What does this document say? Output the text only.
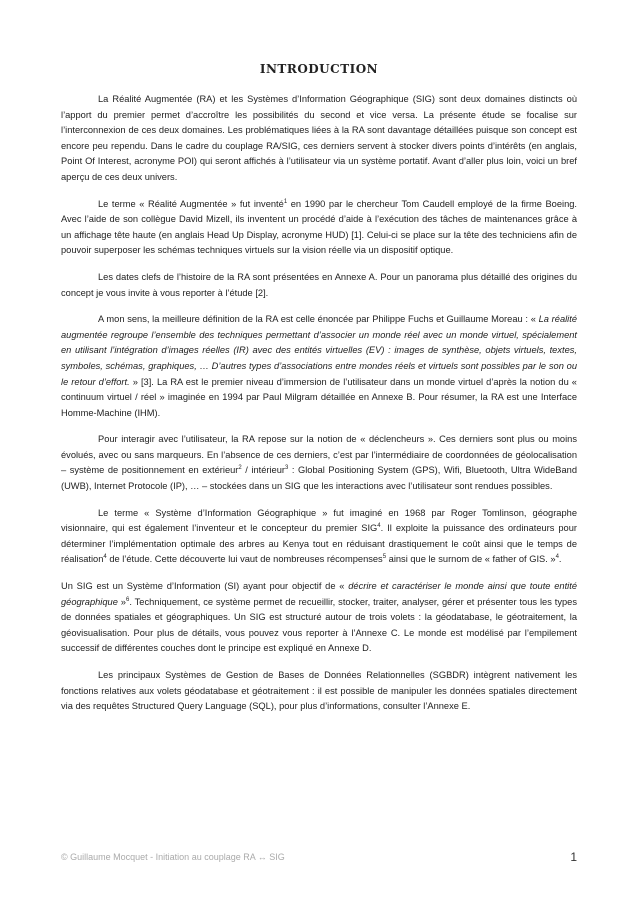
INTRODUCTION

La Réalité Augmentée (RA) et les Systèmes d’Information Géographique (SIG) sont deux domaines distincts où l’apport du premier permet d’accroître les possibilités du second et vice versa. La présente étude se focalise sur l’interconnexion de ces deux domaines. Les problématiques liées à la RA sont davantage détaillées puisque son concept est encore peu rependu. Dans le cadre du couplage RA/SIG, ces derniers servent à stocker divers points d’intérêts (en anglais, Point Of Interest, acronyme POI) qui seront affichés à l’utilisateur via un système portatif. Avant d’aller plus loin, voici un bref aperçu de ces deux univers.

Le terme « Réalité Augmentée » fut inventé$^1$ en 1990 par le chercheur Tom Caudell employé de la firme Boeing. Avec l’aide de son collègue David Mizell, ils inventent un procédé d’aide à l’exécution des tâches de maintenances grâce à un affichage tête haute (en anglais Head Up Display, acronyme HUD) [1]. Celui-ci se place sur la tête des techniciens afin de pouvoir superposer les schémas techniques virtuels sur la vision réelle via un dispositif optique.

Les dates clefs de l’histoire de la RA sont présentées en Annexe A. Pour un panorama plus détaillé des origines du concept je vous invite à vous reporter à l’étude [2].

A mon sens, la meilleure définition de la RA est celle énoncée par Philippe Fuchs et Guillaume Moreau : « La réalité augmentée regroupe l’ensemble des techniques permettant d’associer un monde réel avec un monde virtuel, spécialement en utilisant l’intégration d’images réelles (IR) avec des entités virtuelles (EV) : images de synthèse, objets virtuels, textes, symboles, schémas, graphiques, … D’autres types d’associations entre mondes réels et virtuels sont possibles par le son ou le retour d’effort. » [3]. La RA est le premier niveau d’immersion de l’utilisateur dans un monde virtuel d’après la notion du « continuum virtuel / réel » imaginée en 1994 par Paul Milgram détaillée en Annexe B. Pour résumer, la RA est une Interface Homme-Machine (IHM).

Pour interagir avec l’utilisateur, la RA repose sur la notion de « déclencheurs ». Ces derniers sont plus ou moins évolués, avec ou sans marqueurs. En l’absence de ces derniers, c’est par l’intermédiaire de coordonnées de géolocalisation – système de positionnement en extérieur$^2$ / intérieur$^3$ : Global Positioning System (GPS), Wifi, Bluetooth, Ultra WideBand (UWB), Internet Protocole (IP), … – stockées dans un SIG que les interactions avec l’utilisateur sont rendues possibles.

Le terme « Système d’Information Géographique » fut imaginé en 1968 par Roger Tomlinson, géographe visionnaire, qui est également l’inventeur et le concepteur du premier SIG$^4$. Il exploite la puissance des ordinateurs pour déterminer l’implémentation optimale des arbres au Kenya tout en réduisant drastiquement le coût ainsi que le temps de réalisation$^4$ de l’étude. Cette découverte lui vaut de nombreuses récompenses$^5$ ainsi que le surnom de « father of GIS. »$^4$.

Un SIG est un Système d’Information (SI) ayant pour objectif de « décrire et caractériser le monde ainsi que toute entité géographique »$^6$. Techniquement, ce système permet de recueillir, stocker, traiter, analyser, gérer et présenter tous les types de données spatiales et géographiques. Un SIG est structuré autour de trois volets : la géodatabase, le géotraitement, la géovisualisation. Pour plus de détails, vous pouvez vous reporter à l’Annexe C. Le monde est modélisé par l’empilement successif de différentes couches dont le principe est expliqué en Annexe D.

Les principaux Systèmes de Gestion de Bases de Données Relationnelles (SGBDR) intègrent nativement les fonctions relatives aux volets géodatabase et géotraitement : il est possible de manipuler les données spatiales directement via des requêtes Structured Query Language (SQL), pour plus d’informations, consulter l’Annexe E.

© Guillaume Mocquet - Initiation au couplage RA ↔ SIG	1
